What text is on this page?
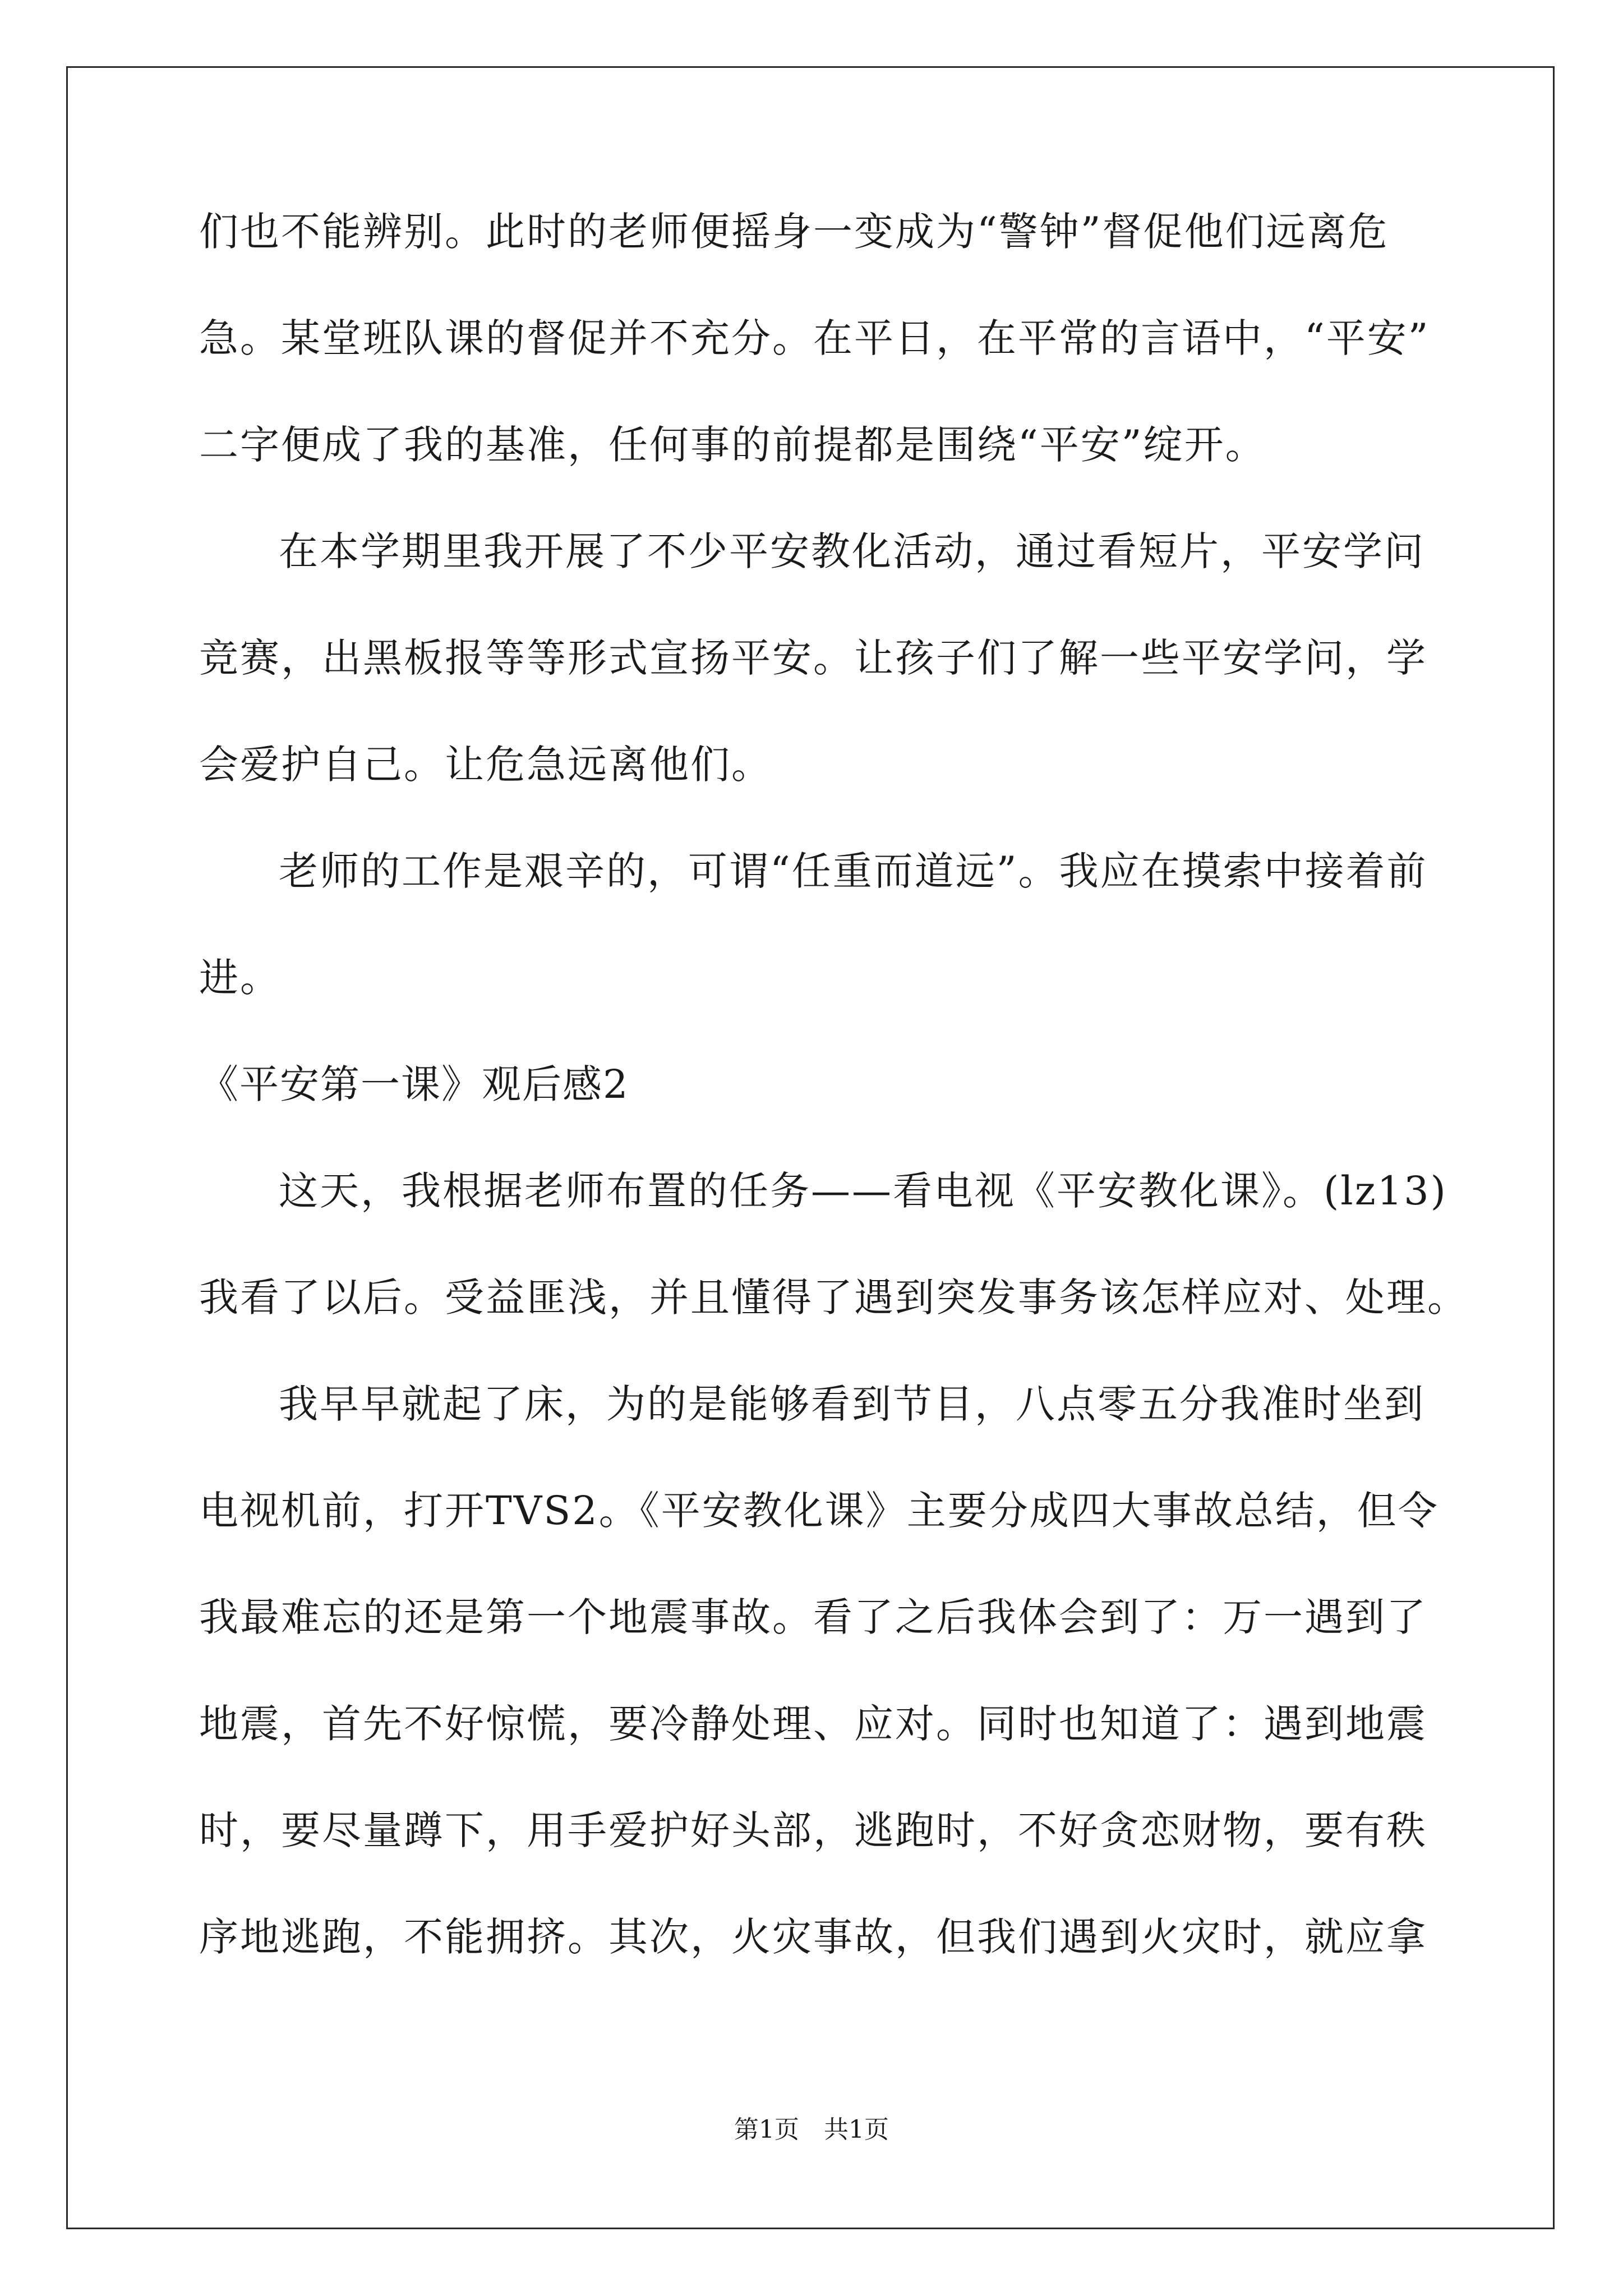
们也不能辨别。此时的老师便摇身一变成为“警钟”督促他们远离危
急。某堂班队课的督促并不充分。在平日，在平常的言语中，“平安”
二字便成了我的基准，任何事的前提都是围绕“平安”绽开。
在本学期里我开展了不少平安教化活动，通过看短片，平安学问
竞赛，出黑板报等等形式宣扬平安。让孩子们了解一些平安学问，学
会爱护自己。让危急远离他们。
老师的工作是艰辛的，可谓“任重而道远”。我应在摸索中接着前
进。
《平安第一课》观后感2
这天，我根据老师布置的任务——看电视《平安教化课》。(lz13)
我看了以后。受益匪浅，并且懂得了遇到突发事务该怎样应对、处理。
我早早就起了床，为的是能够看到节目，八点零五分我准时坐到
电视机前，打开TVS2。《平安教化课》主要分成四大事故总结，但令
我最难忘的还是第一个地震事故。看了之后我体会到了：万一遇到了
地震，首先不好惊慌，要冷静处理、应对。同时也知道了：遇到地震
时，要尽量蹲下，用手爱护好头部，逃跑时，不好贪恋财物，要有秩
序地逃跑，不能拥挤。其次，火灾事故，但我们遇到火灾时，就应拿
第1页　共1页
